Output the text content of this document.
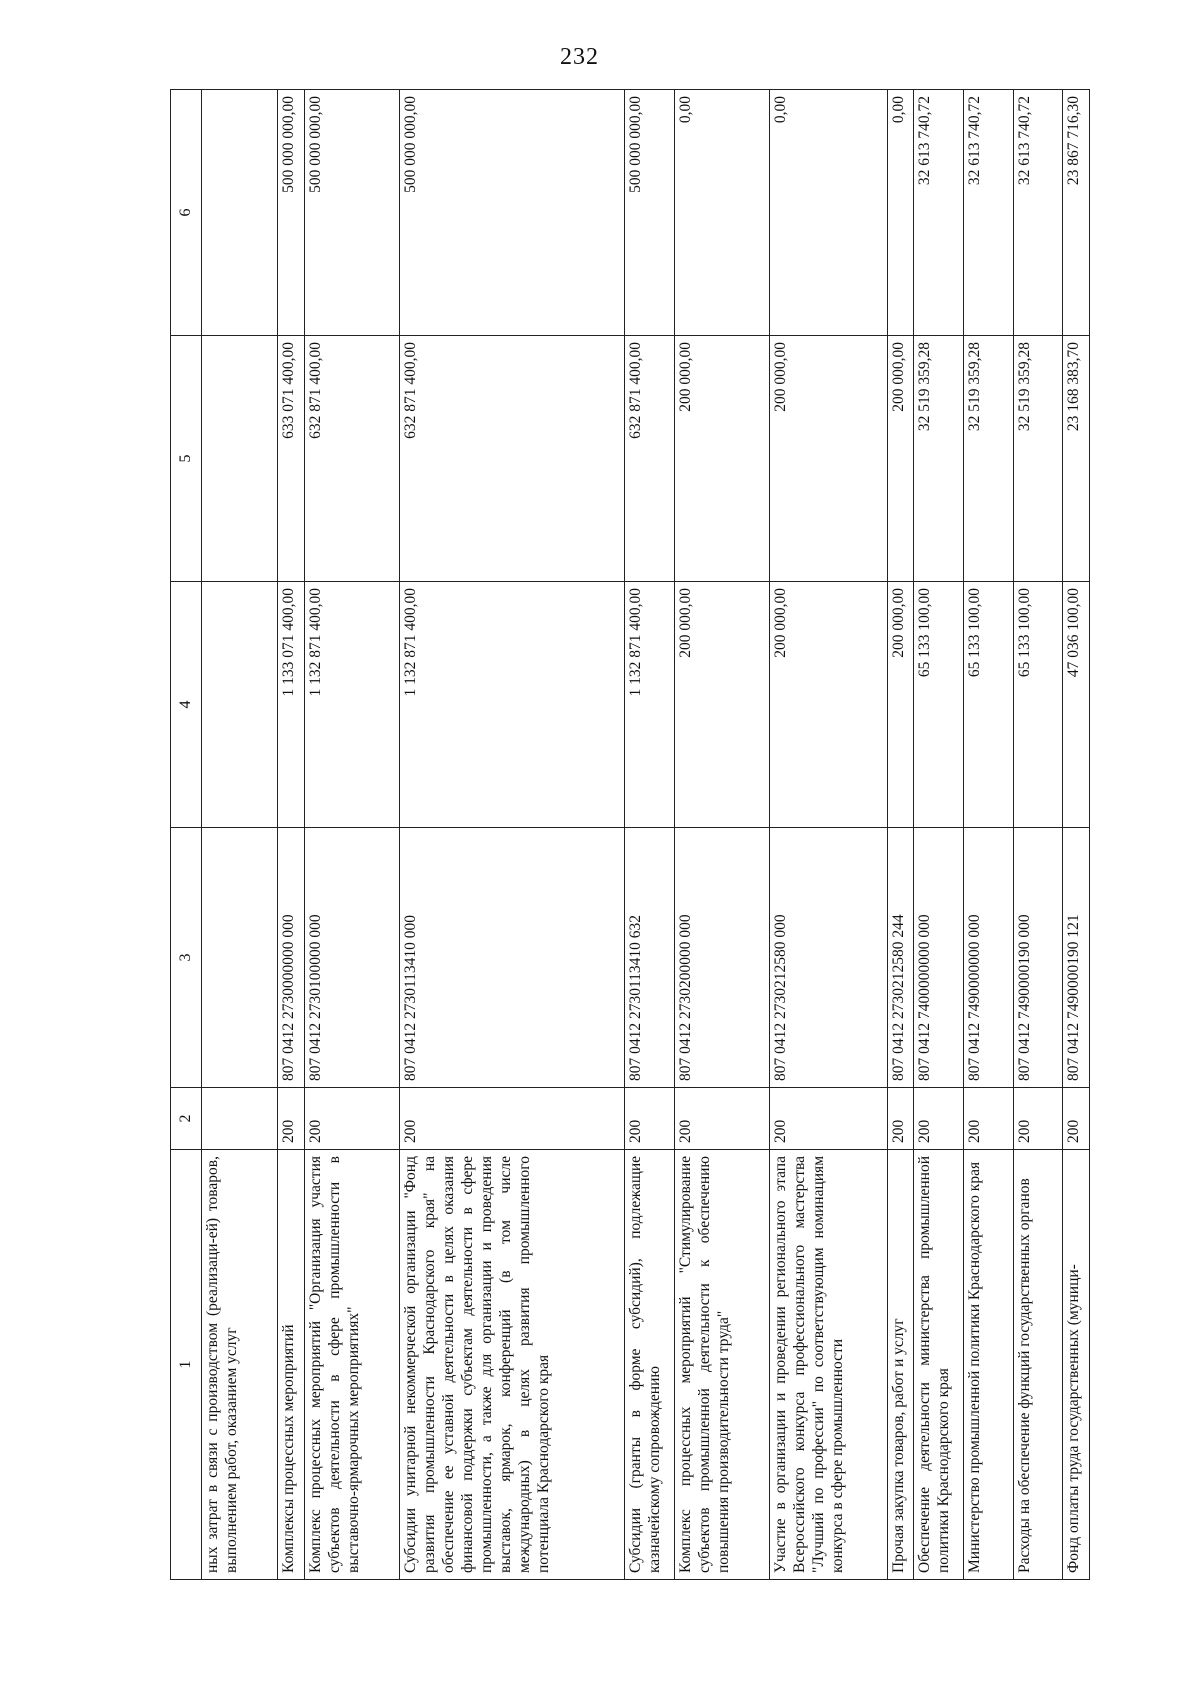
232
1	2	3	4	5	6
ных затрат в связи с производством (реализаци-ей) товаров, выполнением работ, оказанием услуг					
Комплексы процессных мероприятий	200	807 0412 2730000000 000	1 133 071 400,00	633 071 400,00	500 000 000,00
Комплекс процессных мероприятий "Организация участия субъектов деятельности в сфере промышленности в выставочно-ярмарочных мероприятиях"	200	807 0412 2730100000 000	1 132 871 400,00	632 871 400,00	500 000 000,00
Субсидии унитарной некоммерческой организации "Фонд развития промышленности Краснодарского края" на обеспечение ее уставной деятельности в целях оказания финансовой поддержки субъектам деятельности в сфере промышленности, а также для организации и проведения выставок, ярмарок, конференций (в том числе международных) в целях развития промышленного потенциала Краснодарского края	200	807 0412 2730113410 000	1 132 871 400,00	632 871 400,00	500 000 000,00
Субсидии (гранты в форме субсидий), подлежащие казначейскому сопровождению	200	807 0412 2730113410 632	1 132 871 400,00	632 871 400,00	500 000 000,00
Комплекс процессных мероприятий "Стимулирование субъектов промышленной деятельности к обеспечению повышения производительности труда"	200	807 0412 2730200000 000	200 000,00	200 000,00	0,00
Участие в организации и проведении регионального этапа Всероссийского конкурса профессионального мастерства "Лучший по профессии" по соответствующим номинациям конкурса в сфере промышленности	200	807 0412 2730212580 000	200 000,00	200 000,00	0,00
Прочая закупка товаров, работ и услуг	200	807 0412 2730212580 244	200 000,00	200 000,00	0,00
Обеспечение деятельности министерства промышленной политики Краснодарского края	200	807 0412 7400000000 000	65 133 100,00	32 519 359,28	32 613 740,72
Министерство промышленной политики Краснодарского края	200	807 0412 7490000000 000	65 133 100,00	32 519 359,28	32 613 740,72
Расходы на обеспечение функций государственных органов	200	807 0412 7490000190 000	65 133 100,00	32 519 359,28	32 613 740,72
Фонд оплаты труда государственных (муници-	200	807 0412 7490000190 121	47 036 100,00	23 168 383,70	23 867 716,30
